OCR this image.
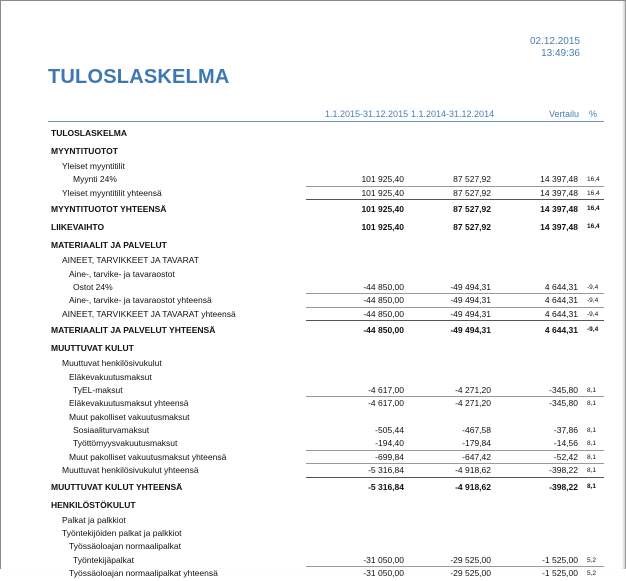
02.12.2015
13:49:36
TULOSLASKELMA
1.1.2015-31.12.2015 1.1.2014-31.12.2014	Vertailu %
TULOSLASKELMA
MYYNTITUOTOT
Yleiset myyntitilit
Myynti 24%	101 925,40	87 527,92	14 397,48 16,4
Yleiset myyntitilit yhteensä	101 925,40	87 527,92	14 397,48 16,4
MYYNTITUOTOT YHTEENSÄ	101 925,40	87 527,92	14 397,48 16,4
LIIKEVAIHTO	101 925,40	87 527,92	14 397,48 16,4
MATERIAALIT JA PALVELUT
AINEET, TARVIKKEET JA TAVARAT
Aine-, tarvike- ja tavaraostot
Ostot 24%	-44 850,00	-49 494,31	4 644,31 -9,4
Aine-, tarvike- ja tavaraostot yhteensä	-44 850,00	-49 494,31	4 644,31 -9,4
AINEET, TARVIKKEET JA TAVARAT yhteensä	-44 850,00	-49 494,31	4 644,31 -9,4
MATERIAALIT JA PALVELUT YHTEENSÄ	-44 850,00	-49 494,31	4 644,31 -9,4
MUUTTUVAT KULUT
Muuttuvat henkilösivukulut
Eläkevakuutusmaksut
TyEL-maksut	-4 617,00	-4 271,20	-345,80 8,1
Eläkevakuutusmaksut yhteensä	-4 617,00	-4 271,20	-345,80 8,1
Muut pakolliset vakuutusmaksut
Sosiaaliturvamaksut	-505,44	-467,58	-37,86 8,1
Työttömyysvakuutusmaksut	-194,40	-179,84	-14,56 8,1
Muut pakolliset vakuutusmaksut yhteensä	-699,84	-647,42	-52,42 8,1
Muuttuvat henkilösivukulut yhteensä	-5 316,84	-4 918,62	-398,22 8,1
MUUTTUVAT KULUT YHTEENSÄ	-5 316,84	-4 918,62	-398,22 8,1
HENKILÖSTÖKULUT
Palkat ja palkkiot
Työntekijöiden palkat ja palkkiot
Työssäoloajan normaalipalkat
Työntekijäpalkat	-31 050,00	-29 525,00	-1 525,00 5,2
Työssäoloajan normaalipalkat yhteensä	-31 050,00	-29 525,00	-1 525,00 5,2
